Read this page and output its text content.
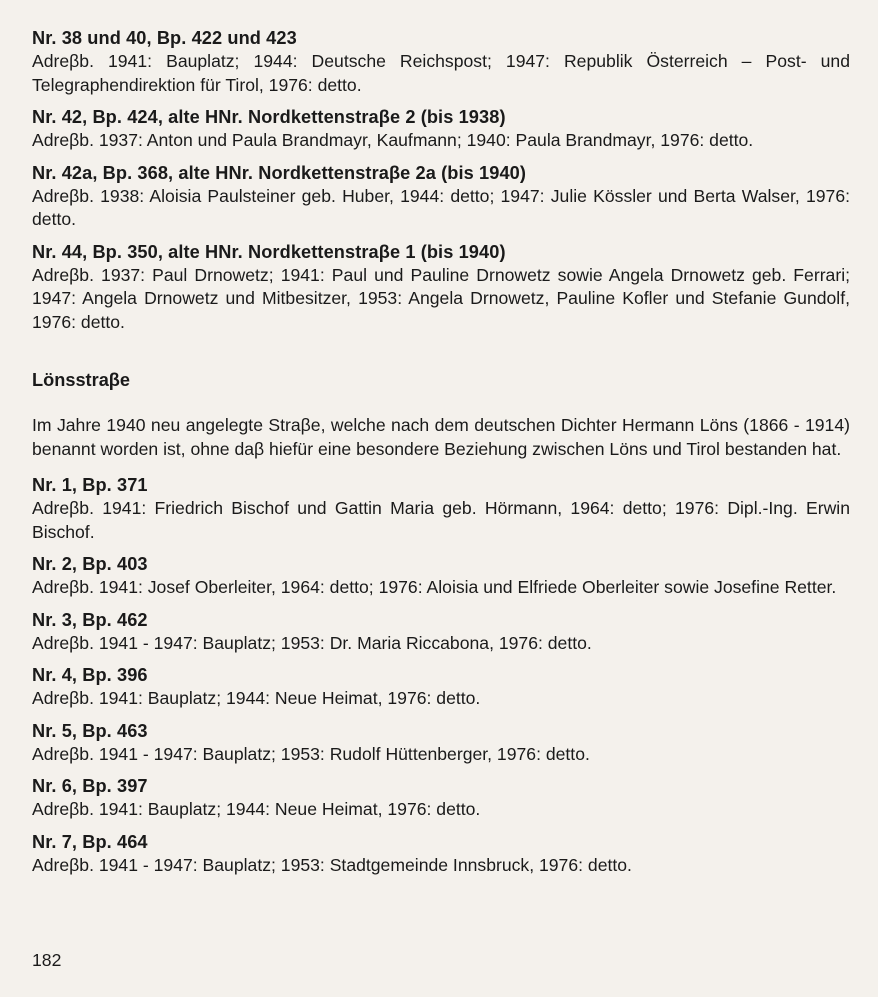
Nr. 38 und 40, Bp. 422 und 423
Adreβb. 1941: Bauplatz; 1944: Deutsche Reichspost; 1947: Republik Österreich – Post- und Telegraphendirektion für Tirol, 1976: detto.
Nr. 42, Bp. 424, alte HNr. Nordkettenstraβe 2 (bis 1938)
Adreβb. 1937: Anton und Paula Brandmayr, Kaufmann; 1940: Paula Brandmayr, 1976: detto.
Nr. 42a, Bp. 368, alte HNr. Nordkettenstraβe 2a (bis 1940)
Adreβb. 1938: Aloisia Paulsteiner geb. Huber, 1944: detto; 1947: Julie Kössler und Berta Walser, 1976: detto.
Nr. 44, Bp. 350, alte HNr. Nordkettenstraβe 1 (bis 1940)
Adreβb. 1937: Paul Drnowetz; 1941: Paul und Pauline Drnowetz sowie Angela Drnowetz geb. Ferrari; 1947: Angela Drnowetz und Mitbesitzer, 1953: Angela Drnowetz, Pauline Kofler und Stefanie Gundolf, 1976: detto.
Lönsstraβe
Im Jahre 1940 neu angelegte Straβe, welche nach dem deutschen Dichter Hermann Löns (1866 - 1914) benannt worden ist, ohne daβ hiefür eine besondere Beziehung zwischen Löns und Tirol bestanden hat.
Nr. 1, Bp. 371
Adreβb. 1941: Friedrich Bischof und Gattin Maria geb. Hörmann, 1964: detto; 1976: Dipl.-Ing. Erwin Bischof.
Nr. 2, Bp. 403
Adreβb. 1941: Josef Oberleiter, 1964: detto; 1976: Aloisia und Elfriede Oberleiter sowie Josefine Retter.
Nr. 3, Bp. 462
Adreβb. 1941 - 1947: Bauplatz; 1953: Dr. Maria Riccabona, 1976: detto.
Nr. 4, Bp. 396
Adreβb. 1941: Bauplatz; 1944: Neue Heimat, 1976: detto.
Nr. 5, Bp. 463
Adreβb. 1941 - 1947: Bauplatz; 1953: Rudolf Hüttenberger, 1976: detto.
Nr. 6, Bp. 397
Adreβb. 1941: Bauplatz; 1944: Neue Heimat, 1976: detto.
Nr. 7, Bp. 464
Adreβb. 1941 - 1947: Bauplatz; 1953: Stadtgemeinde Innsbruck, 1976: detto.
182
